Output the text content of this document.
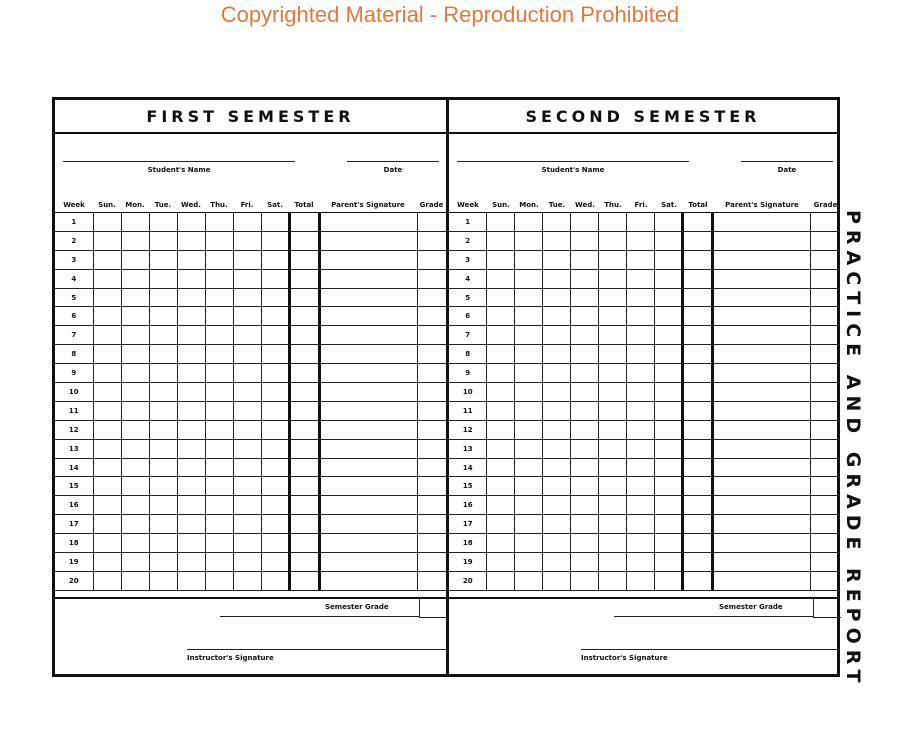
Copyrighted Material - Reproduction Prohibited
FIRST SEMESTER
Student's Name	Date
Week	Sun.	Mon.	Tue.	Wed.	Thu.	Fri.	Sat.	Total	Parent's Signature	Grade
1										
2										
3										
4										
5										
6										
7										
8										
9										
10										
11										
12										
13										
14										
15										
16										
17										
18										
19										
20										
Semester Grade
Instructor's Signature
SECOND SEMESTER
Student's Name	Date
Week	Sun.	Mon.	Tue.	Wed.	Thu.	Fri.	Sat.	Total	Parent's Signature	Grade
1										
2										
3										
4										
5										
6										
7										
8										
9										
10										
11										
12										
13										
14										
15										
16										
17										
18										
19										
20										
Semester Grade
Instructor's Signature	PRACTICE AND GRADE REPORT
